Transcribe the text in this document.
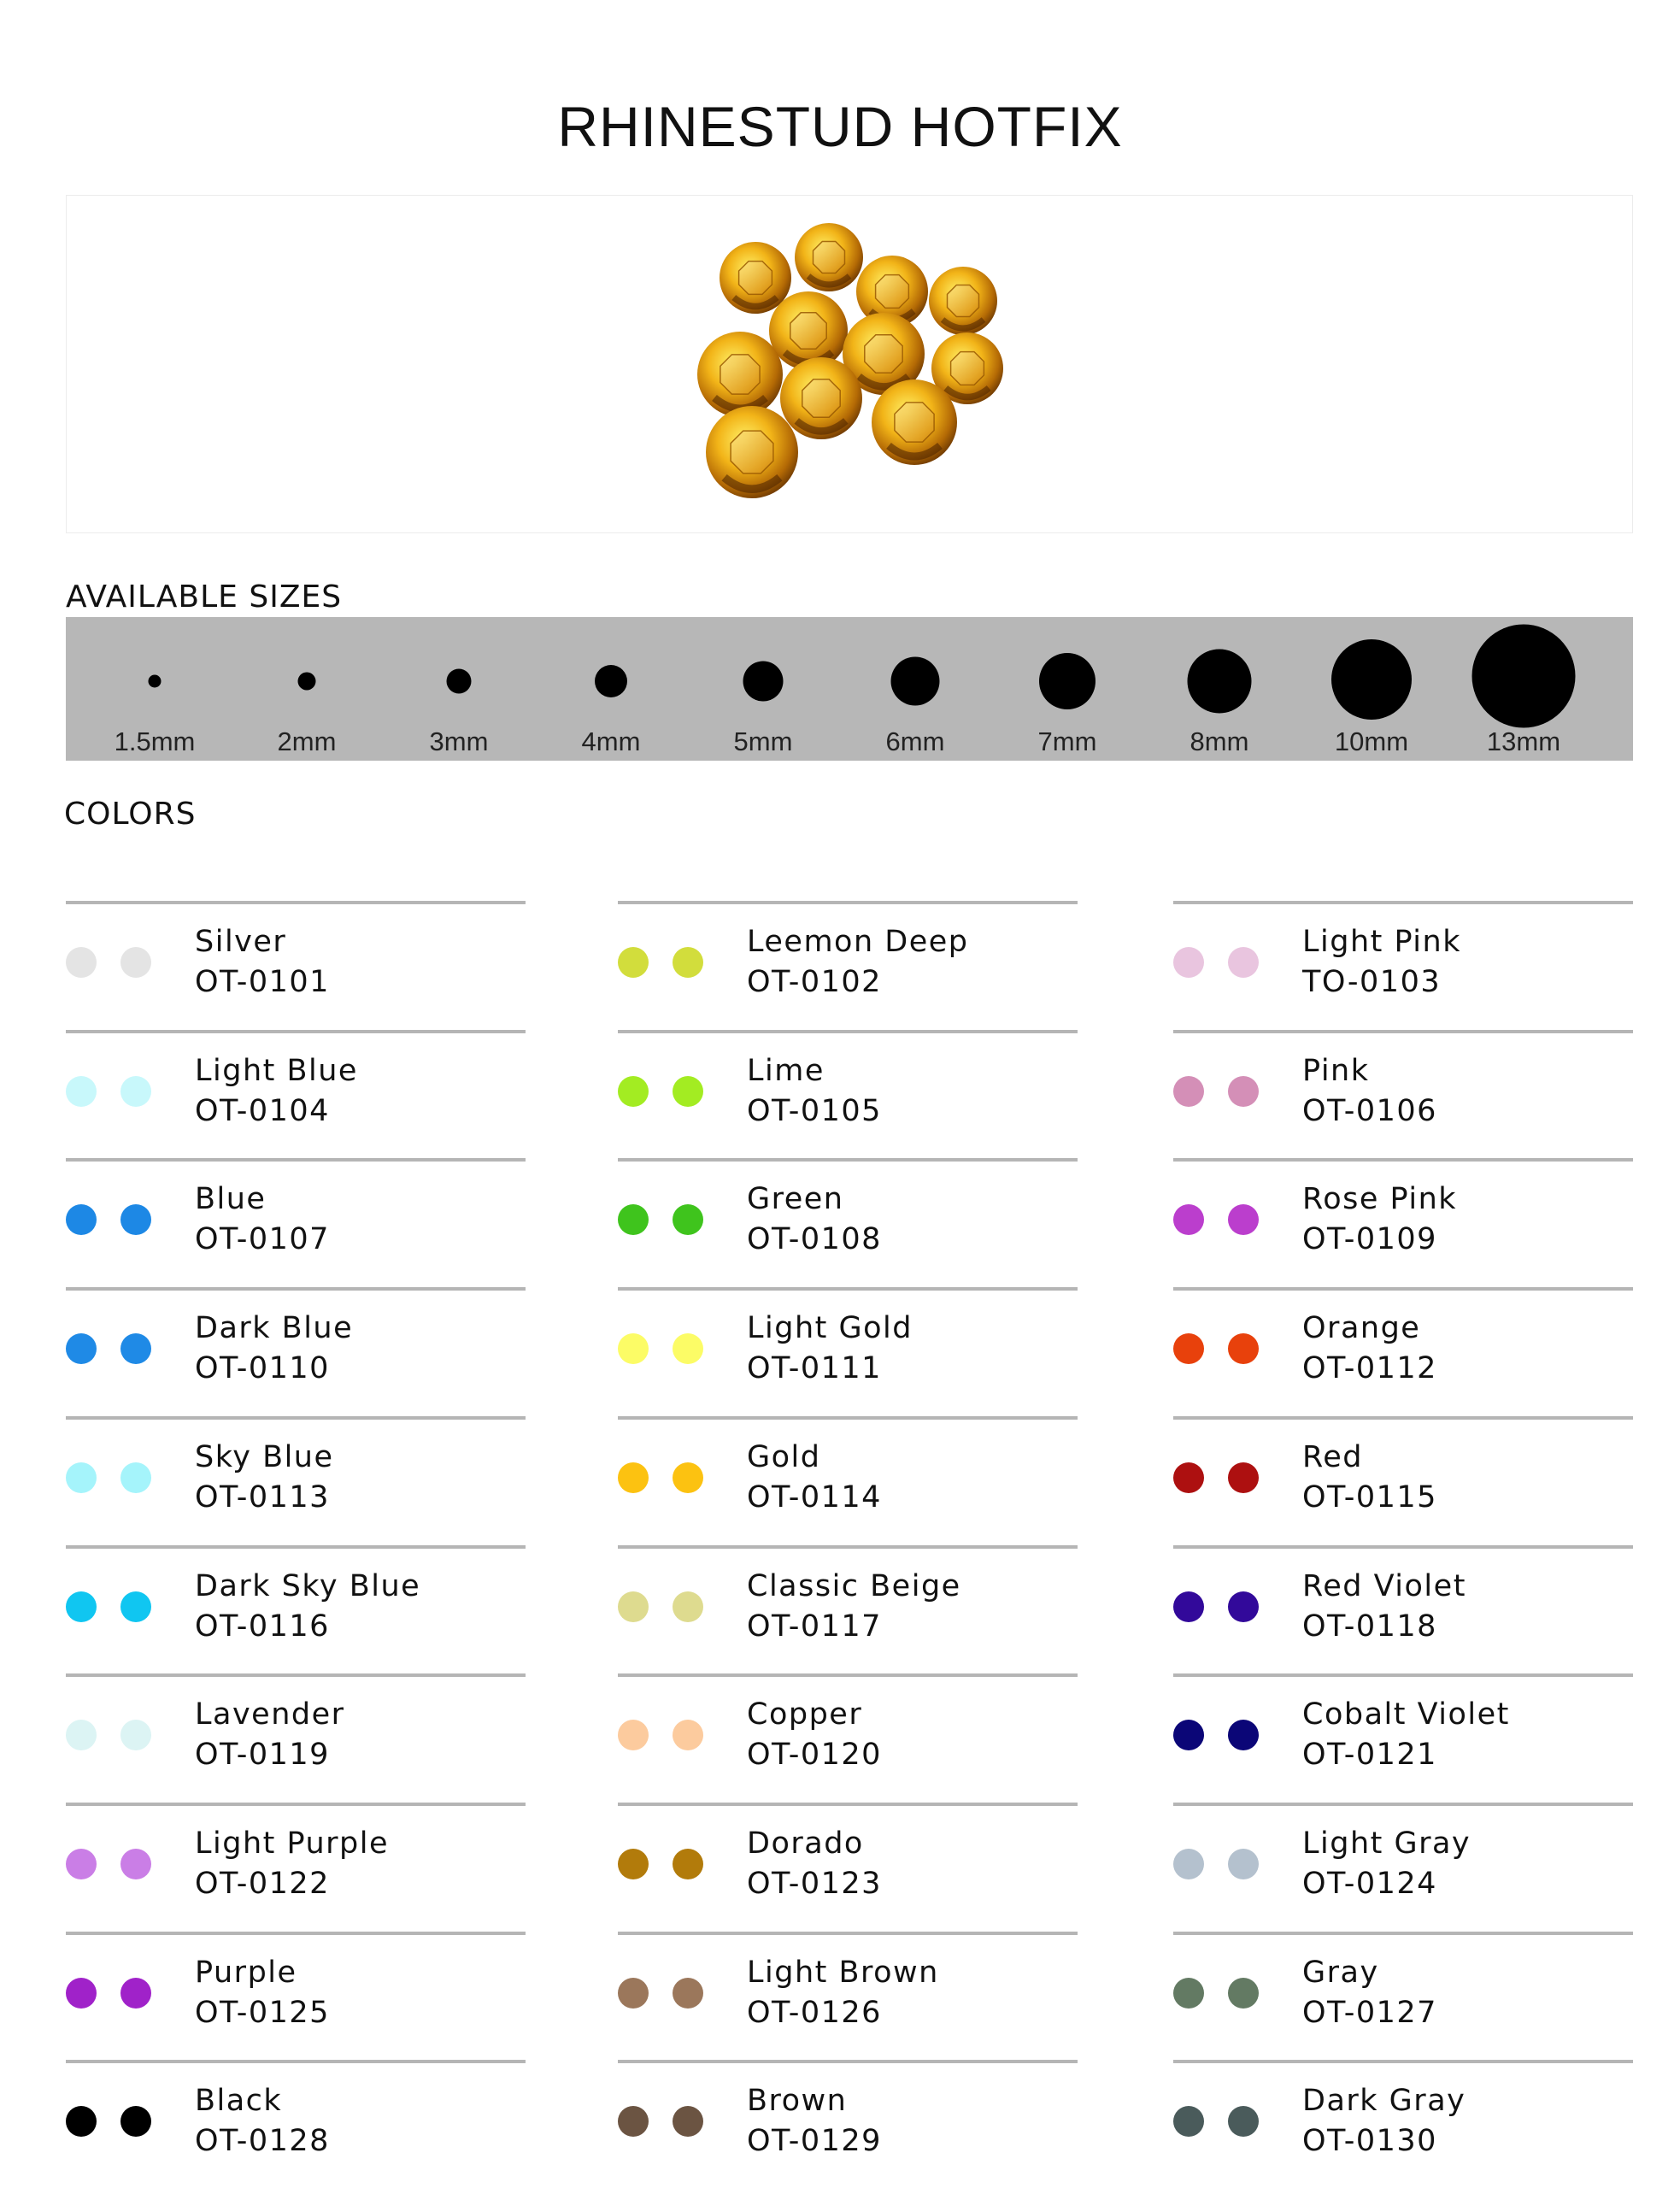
RHINESTUD HOTFIX
AVAILABLE SIZES
1.5mm	2mm	3mm	4mm	5mm	6mm	7mm	8mm	10mm	13mm
COLORS
Silver
OT-0101
Light Blue
OT-0104
Blue
OT-0107
Dark Blue
OT-0110
Sky Blue
OT-0113
Dark Sky Blue
OT-0116
Lavender
OT-0119
Light Purple
OT-0122
Purple
OT-0125
Black
OT-0128
Leemon Deep
OT-0102
Lime
OT-0105
Green
OT-0108
Light Gold
OT-0111
Gold
OT-0114
Classic Beige
OT-0117
Copper
OT-0120
Dorado
OT-0123
Light Brown
OT-0126
Brown
OT-0129
Light Pink
TO-0103
Pink
OT-0106
Rose Pink
OT-0109
Orange
OT-0112
Red
OT-0115
Red Violet
OT-0118
Cobalt Violet
OT-0121
Light Gray
OT-0124
Gray
OT-0127
Dark Gray
OT-0130
